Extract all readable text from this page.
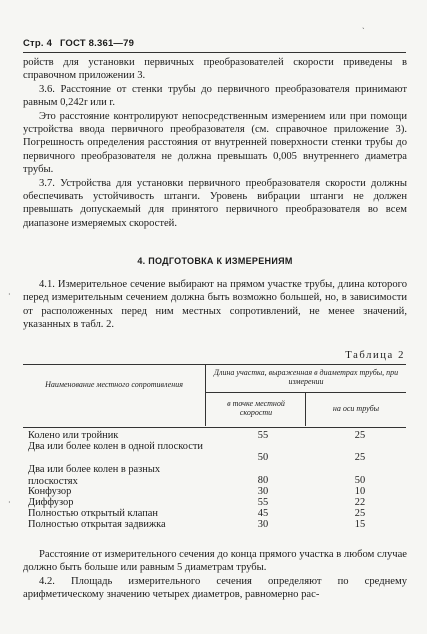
Стр. 4 ГОСТ 8.361—79

ройств для установки первичных преобразователей скорости приведены в справочном приложении 3.

3.6. Расстояние от стенки трубы до первичного преобразователя принимают равным 0,242r или r.

Это расстояние контролируют непосредственным измерением или при помощи устройства ввода первичного преобразователя (см. справочное приложение 3). Погрешность определения расстояния от внутренней поверхности стенки трубы до первичного преобразователя не должна превышать 0,005 внутреннего диаметра трубы.

3.7. Устройства для установки первичного преобразователя скорости должны обеспечивать устойчивость штанги. Уровень вибрации штанги не должен превышать допускаемый для принятого первичного преобразователя во всем диапазоне измеряемых скоростей.

4. ПОДГОТОВКА К ИЗМЕРЕНИЯМ

4.1. Измерительное сечение выбирают на прямом участке трубы, длина которого перед измерительным сечением должна быть возможно большей, но, в зависимости от расположенных перед ним местных сопротивлений, не менее значений, указанных в табл. 2.

Таблица 2
Наименование местного сопротивления
Длина участка, выраженная в диаметрах трубы, при измерении
в точке местной скорости	на оси трубы
Колено или тройник	55	25
Два или более колен в одной плоскости
50	25
Два или более колен в разных плоскостях	80	50
Конфузор	30	10
Диффузор	55	22
Полностью открытый клапан	45	25
Полностью открытая задвижка	30	15

Расстояние от измерительного сечения до конца прямого участка в любом случае должно быть больше или равным 5 диаметрам трубы.

4.2. Площадь измерительного сечения определяют по среднему арифметическому значению четырех диаметров, равномерно рас-

ˏ
·
·
